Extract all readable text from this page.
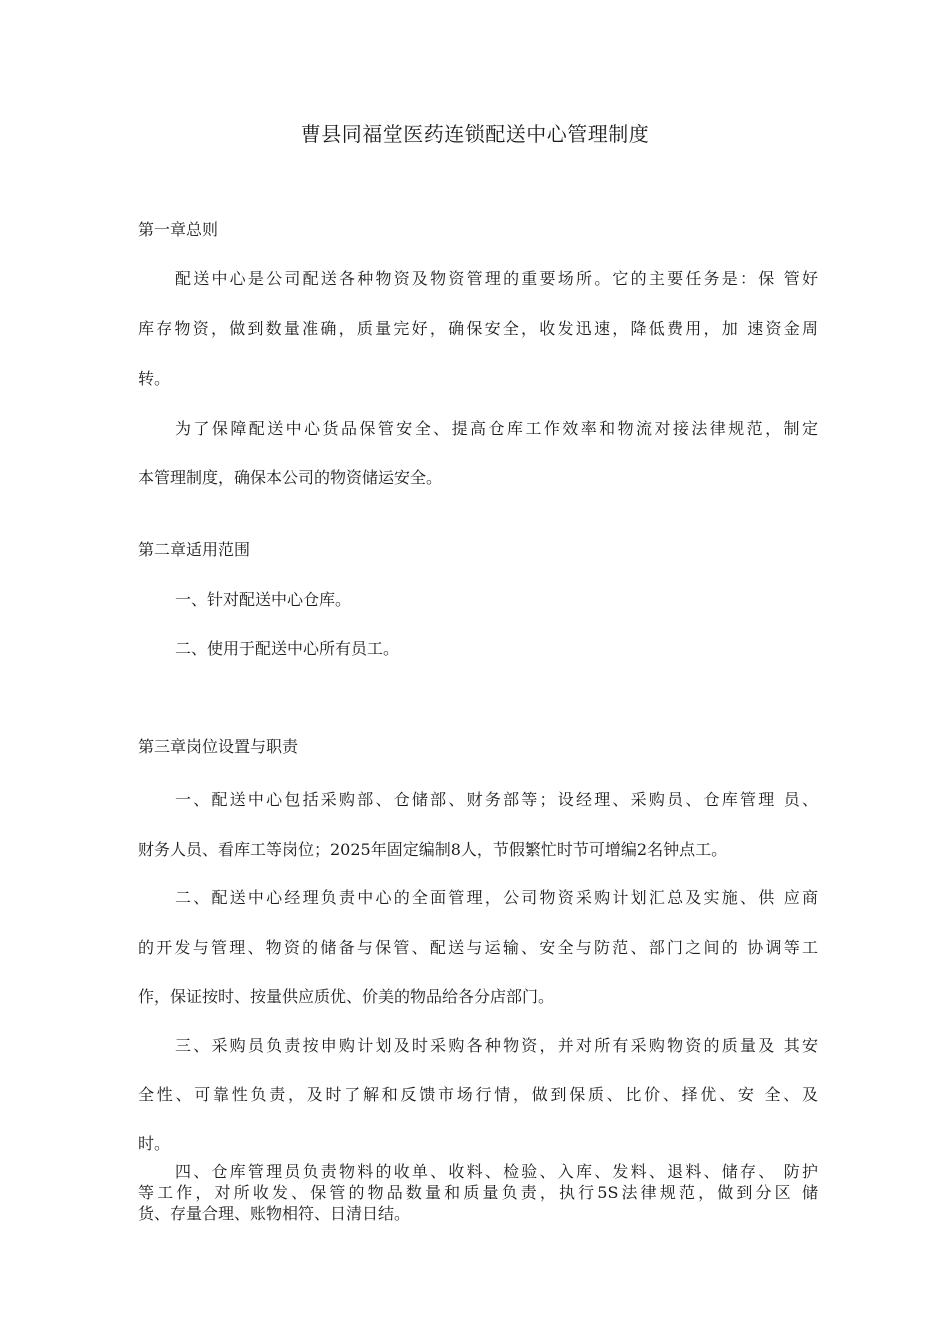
曹县同福堂医药连锁配送中心管理制度
第一章总则
配送中心是公司配送各种物资及物资管理的重要场所。它的主要任务是：保 管好
库存物资，做到数量准确，质量完好，确保安全，收发迅速，降低费用，加 速资金周
转。
为了保障配送中心货品保管安全、提高仓库工作效率和物流对接法律规范，制定
本管理制度，确保本公司的物资储运安全。
第二章适用范围
一、针对配送中心仓库。
二、使用于配送中心所有员工。
第三章岗位设置与职责
一、配送中心包括采购部、仓储部、财务部等；设经理、采购员、仓库管理 员、
财务人员、看库工等岗位；2025年固定编制8人，节假繁忙时节可增编2名钟点工。
二、配送中心经理负责中心的全面管理，公司物资采购计划汇总及实施、供 应商
的开发与管理、物资的储备与保管、配送与运输、安全与防范、部门之间的 协调等工
作，保证按时、按量供应质优、价美的物品给各分店部门。
三、采购员负责按申购计划及时采购各种物资，并对所有采购物资的质量及 其安
全性、可靠性负责，及时了解和反馈市场行情，做到保质、比价、择优、安 全、及
时。
四、仓库管理员负责物料的收单、收料、检验、入库、发料、退料、储存、 防护
等工作，对所收发、保管的物品数量和质量负责，执行5S法律规范，做到分区 储
货、存量合理、账物相符、日清日结。
